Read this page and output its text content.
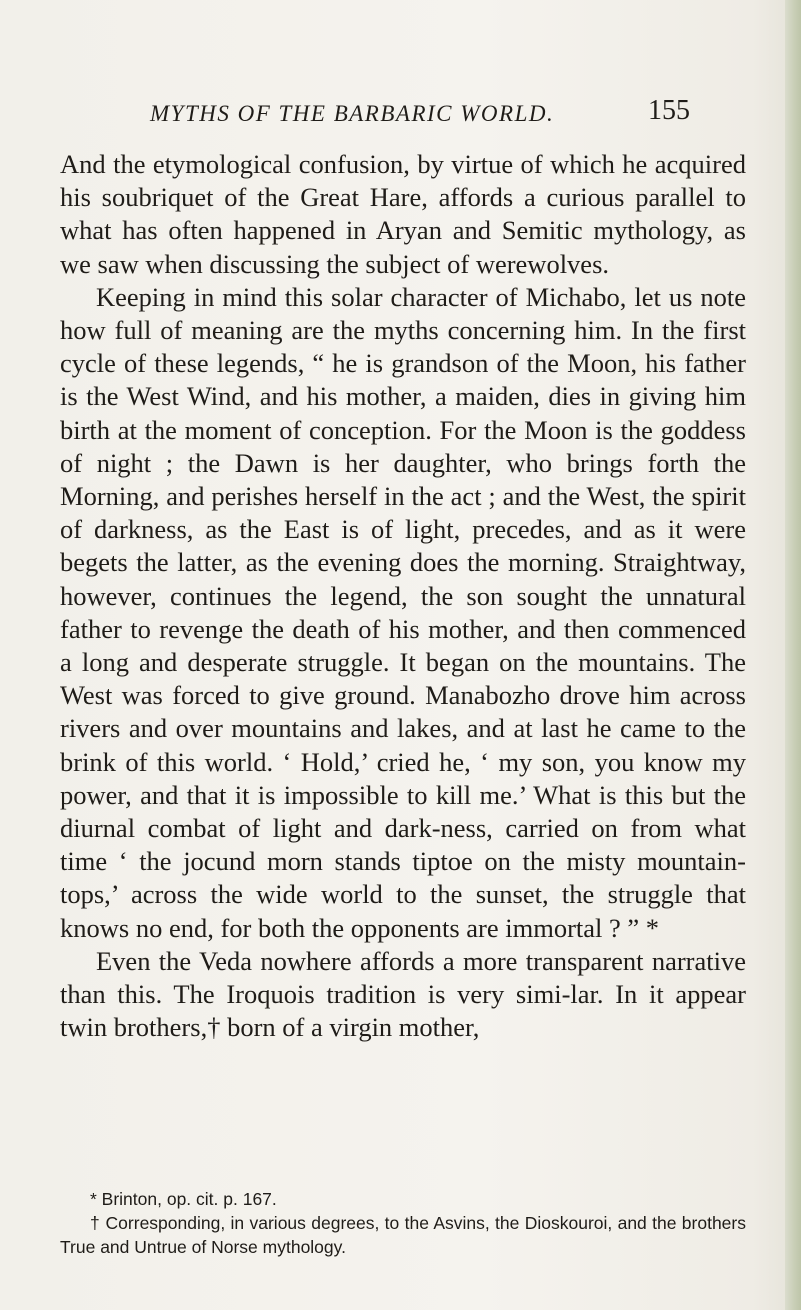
MYTHS OF THE BARBARIC WORLD.	155

And the etymological confusion, by virtue of which he acquired his soubriquet of the Great Hare, affords a curious parallel to what has often happened in Aryan and Semitic mythology, as we saw when discussing the subject of werewolves.

Keeping in mind this solar character of Michabo, let us note how full of meaning are the myths concerning him. In the first cycle of these legends, “ he is grandson of the Moon, his father is the West Wind, and his mother, a maiden, dies in giving him birth at the moment of conception. For the Moon is the goddess of night ; the Dawn is her daughter, who brings forth the Morning, and perishes herself in the act ; and the West, the spirit of darkness, as the East is of light, precedes, and as it were begets the latter, as the evening does the morning. Straightway, however, continues the legend, the son sought the unnatural father to revenge the death of his mother, and then commenced a long and desperate struggle. It began on the mountains. The West was forced to give ground. Manabozho drove him across rivers and over mountains and lakes, and at last he came to the brink of this world. ‘ Hold,’ cried he, ‘ my son, you know my power, and that it is impossible to kill me.’ What is this but the diurnal combat of light and dark-ness, carried on from what time ‘ the jocund morn stands tiptoe on the misty mountain-tops,’ across the wide world to the sunset, the struggle that knows no end, for both the opponents are immortal ? ” *

Even the Veda nowhere affords a more transparent narrative than this. The Iroquois tradition is very simi-lar. In it appear twin brothers,† born of a virgin mother,

* Brinton, op. cit. p. 167.

† Corresponding, in various degrees, to the Asvins, the Dioskouroi, and the brothers True and Untrue of Norse mythology.
